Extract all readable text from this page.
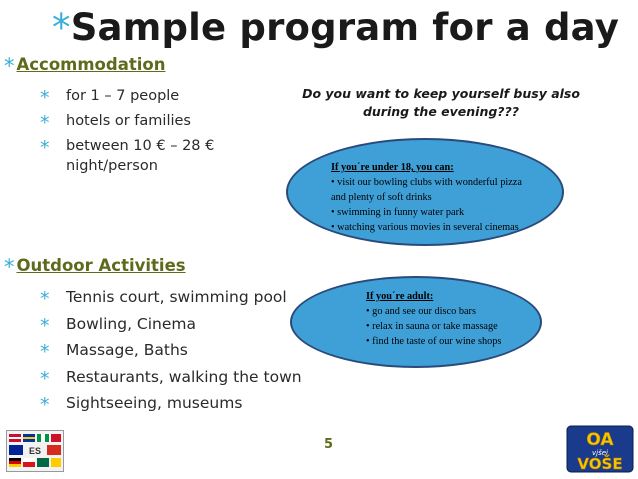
*Sample program for a day
* Accommodation
* for 1 – 7 people
* hotels or families
* between 10 € – 28 €
night/person
* Outdoor Activities
* Tennis court, swimming pool
* Bowling, Cinema
* Massage, Baths
* Restaurants, walking the town
* Sightseeing, museums
Do you want to keep yourself busy also
during the evening???
If you´re under 18, you can:
• visit our bowling clubs with wonderful pizza
and plenty of soft drinks
• swimming in funny water park
• watching various movies in several cinemas
If you´re adult:
• go and see our disco bars
• relax in sauna or take massage
• find the taste of our wine shops
5
ES
OA
vjšei
VOŠE
